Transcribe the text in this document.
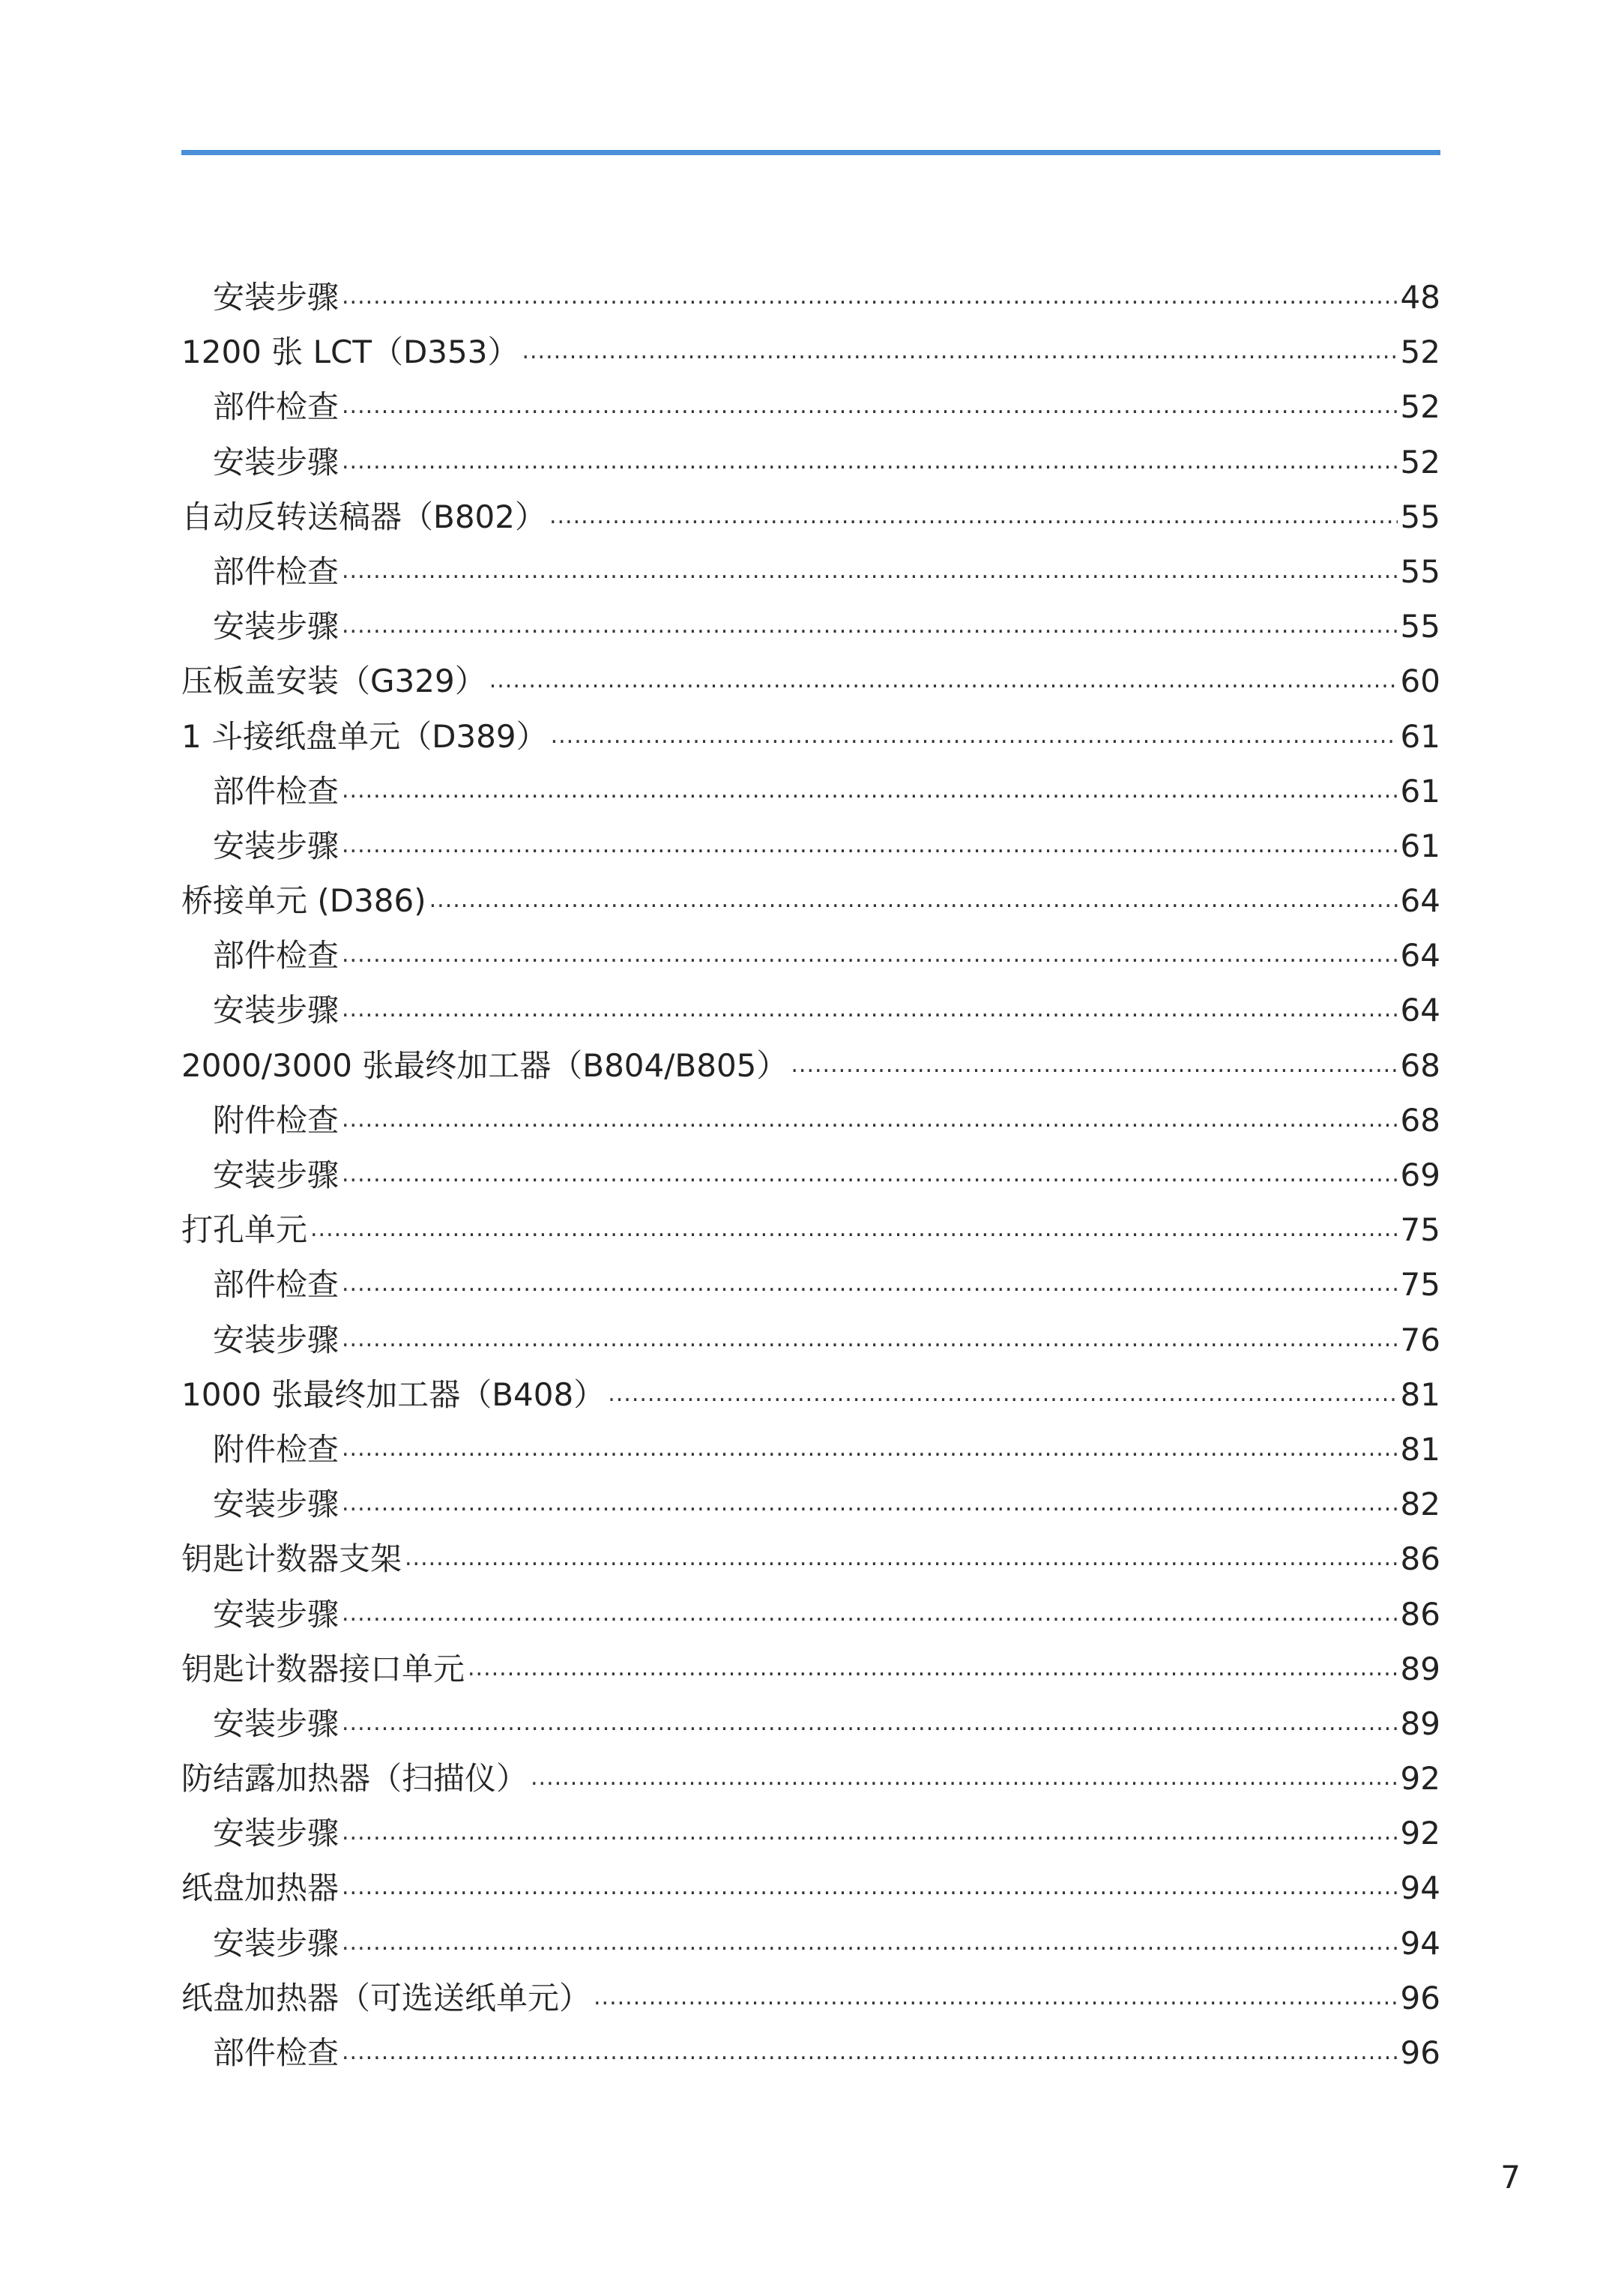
安装步骤 .....	48
1200 张 LCT（D353） .....	52
部件检查 .....	52
安装步骤 .....	52
自动反转送稿器（B802） .....	55
部件检查 .....	55
安装步骤 .....	55
压板盖安装（G329） .....	60
1 斗接纸盘单元（D389） .....	61
部件检查 .....	61
安装步骤 .....	61
桥接单元 (D386) .....	64
部件检查 .....	64
安装步骤 .....	64
2000/3000 张最终加工器（B804/B805） .....	68
附件检查 .....	68
安装步骤 .....	69
打孔单元 .....	75
部件检查 .....	75
安装步骤 .....	76
1000 张最终加工器（B408） .....	81
附件检查 .....	81
安装步骤 .....	82
钥匙计数器支架 .....	86
安装步骤 .....	86
钥匙计数器接口单元 .....	89
安装步骤 .....	89
防结露加热器（扫描仪） .....	92
安装步骤 .....	92
纸盘加热器 .....	94
安装步骤 .....	94
纸盘加热器（可选送纸单元） .....	96
部件检查 .....	96
7
